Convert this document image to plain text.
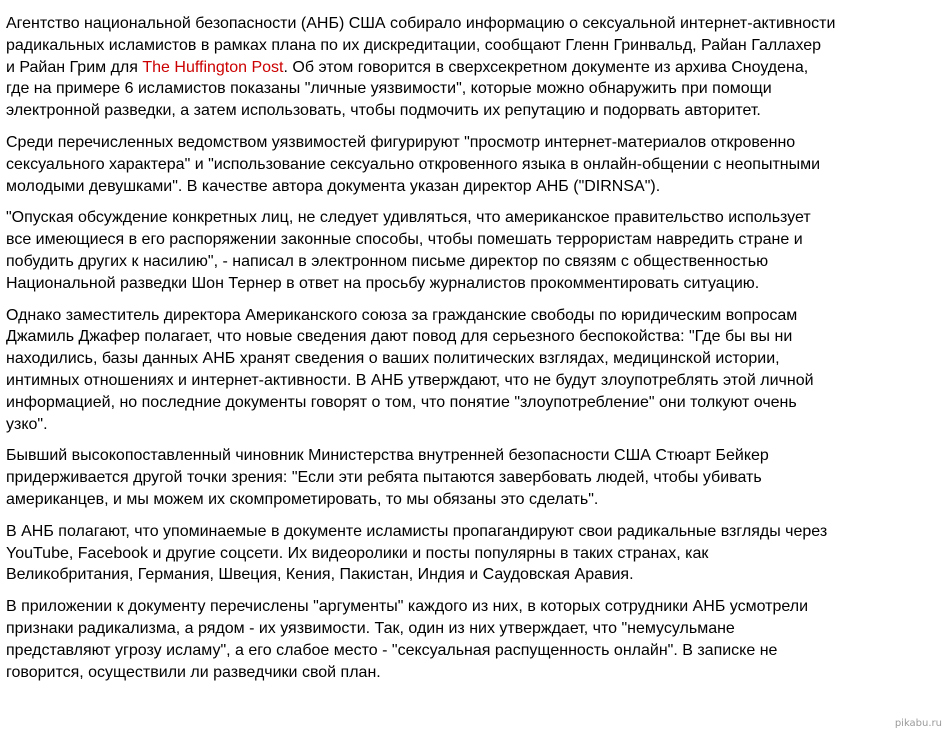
Агентство национальной безопасности (АНБ) США собирало информацию о сексуальной интернет-активности
радикальных исламистов в рамках плана по их дискредитации, сообщают Гленн Гринвальд, Райан Галлахер
и Райан Грим для The Huffington Post. Об этом говорится в сверхсекретном документе из архива Сноудена,
где на примере 6 исламистов показаны "личные уязвимости", которые можно обнаружить при помощи
электронной разведки, а затем использовать, чтобы подмочить их репутацию и подорвать авторитет.

Среди перечисленных ведомством уязвимостей фигурируют "просмотр интернет-материалов откровенно
сексуального характера" и "использование сексуально откровенного языка в онлайн-общении с неопытными
молодыми девушками". В качестве автора документа указан директор АНБ ("DIRNSA").

"Опуская обсуждение конкретных лиц, не следует удивляться, что американское правительство использует
все имеющиеся в его распоряжении законные способы, чтобы помешать террористам навредить стране и
побудить других к насилию", - написал в электронном письме директор по связям с общественностью
Национальной разведки Шон Тернер в ответ на просьбу журналистов прокомментировать ситуацию.

Однако заместитель директора Американского союза за гражданские свободы по юридическим вопросам
Джамиль Джафер полагает, что новые сведения дают повод для серьезного беспокойства: "Где бы вы ни
находились, базы данных АНБ хранят сведения о ваших политических взглядах, медицинской истории,
интимных отношениях и интернет-активности. В АНБ утверждают, что не будут злоупотреблять этой личной
информацией, но последние документы говорят о том, что понятие "злоупотребление" они толкуют очень
узко".

Бывший высокопоставленный чиновник Министерства внутренней безопасности США Стюарт Бейкер
придерживается другой точки зрения: "Если эти ребята пытаются завербовать людей, чтобы убивать
американцев, и мы можем их скомпрометировать, то мы обязаны это сделать".

В АНБ полагают, что упоминаемые в документе исламисты пропагандируют свои радикальные взгляды через
YouTube, Facebook и другие соцсети. Их видеоролики и посты популярны в таких странах, как
Великобритания, Германия, Швеция, Кения, Пакистан, Индия и Саудовская Аравия.

В приложении к документу перечислены "аргументы" каждого из них, в которых сотрудники АНБ усмотрели
признаки радикализма, а рядом - их уязвимости. Так, один из них утверждает, что "немусульмане
представляют угрозу исламу", а его слабое место - "сексуальная распущенность онлайн". В записке не
говорится, осуществили ли разведчики свой план.

pikabu.ru
